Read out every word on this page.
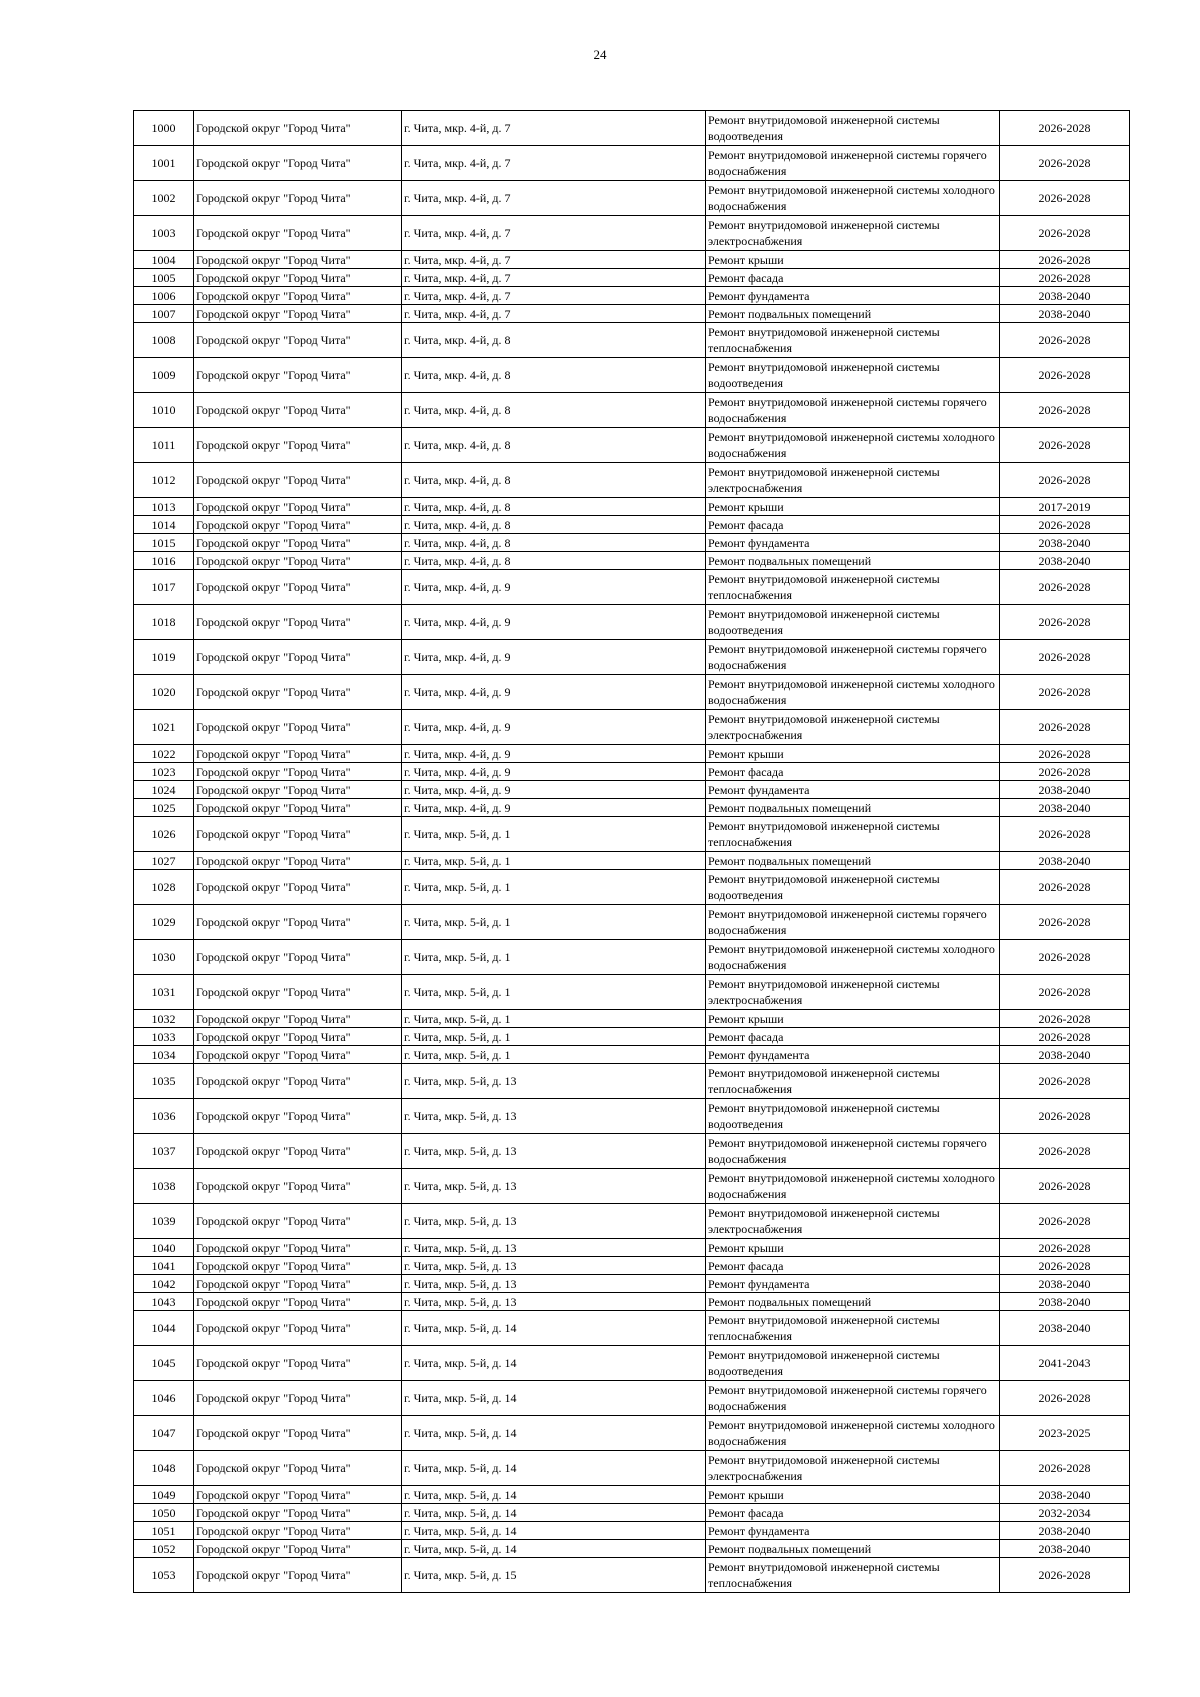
24
1000	Городской округ "Город Чита"	г. Чита, мкр. 4-й, д. 7	Ремонт внутридомовой инженерной системы водоотведения	2026-2028
1001	Городской округ "Город Чита"	г. Чита, мкр. 4-й, д. 7	Ремонт внутридомовой инженерной системы горячего водоснабжения	2026-2028
1002	Городской округ "Город Чита"	г. Чита, мкр. 4-й, д. 7	Ремонт внутридомовой инженерной системы холодного водоснабжения	2026-2028
1003	Городской округ "Город Чита"	г. Чита, мкр. 4-й, д. 7	Ремонт внутридомовой инженерной системы электроснабжения	2026-2028
1004	Городской округ "Город Чита"	г. Чита, мкр. 4-й, д. 7	Ремонт крыши	2026-2028
1005	Городской округ "Город Чита"	г. Чита, мкр. 4-й, д. 7	Ремонт фасада	2026-2028
1006	Городской округ "Город Чита"	г. Чита, мкр. 4-й, д. 7	Ремонт фундамента	2038-2040
1007	Городской округ "Город Чита"	г. Чита, мкр. 4-й, д. 7	Ремонт подвальных помещений	2038-2040
1008	Городской округ "Город Чита"	г. Чита, мкр. 4-й, д. 8	Ремонт внутридомовой инженерной системы теплоснабжения	2026-2028
1009	Городской округ "Город Чита"	г. Чита, мкр. 4-й, д. 8	Ремонт внутридомовой инженерной системы водоотведения	2026-2028
1010	Городской округ "Город Чита"	г. Чита, мкр. 4-й, д. 8	Ремонт внутридомовой инженерной системы горячего водоснабжения	2026-2028
1011	Городской округ "Город Чита"	г. Чита, мкр. 4-й, д. 8	Ремонт внутридомовой инженерной системы холодного водоснабжения	2026-2028
1012	Городской округ "Город Чита"	г. Чита, мкр. 4-й, д. 8	Ремонт внутридомовой инженерной системы электроснабжения	2026-2028
1013	Городской округ "Город Чита"	г. Чита, мкр. 4-й, д. 8	Ремонт крыши	2017-2019
1014	Городской округ "Город Чита"	г. Чита, мкр. 4-й, д. 8	Ремонт фасада	2026-2028
1015	Городской округ "Город Чита"	г. Чита, мкр. 4-й, д. 8	Ремонт фундамента	2038-2040
1016	Городской округ "Город Чита"	г. Чита, мкр. 4-й, д. 8	Ремонт подвальных помещений	2038-2040
1017	Городской округ "Город Чита"	г. Чита, мкр. 4-й, д. 9	Ремонт внутридомовой инженерной системы теплоснабжения	2026-2028
1018	Городской округ "Город Чита"	г. Чита, мкр. 4-й, д. 9	Ремонт внутридомовой инженерной системы водоотведения	2026-2028
1019	Городской округ "Город Чита"	г. Чита, мкр. 4-й, д. 9	Ремонт внутридомовой инженерной системы горячего водоснабжения	2026-2028
1020	Городской округ "Город Чита"	г. Чита, мкр. 4-й, д. 9	Ремонт внутридомовой инженерной системы холодного водоснабжения	2026-2028
1021	Городской округ "Город Чита"	г. Чита, мкр. 4-й, д. 9	Ремонт внутридомовой инженерной системы электроснабжения	2026-2028
1022	Городской округ "Город Чита"	г. Чита, мкр. 4-й, д. 9	Ремонт крыши	2026-2028
1023	Городской округ "Город Чита"	г. Чита, мкр. 4-й, д. 9	Ремонт фасада	2026-2028
1024	Городской округ "Город Чита"	г. Чита, мкр. 4-й, д. 9	Ремонт фундамента	2038-2040
1025	Городской округ "Город Чита"	г. Чита, мкр. 4-й, д. 9	Ремонт подвальных помещений	2038-2040
1026	Городской округ "Город Чита"	г. Чита, мкр. 5-й, д. 1	Ремонт внутридомовой инженерной системы теплоснабжения	2026-2028
1027	Городской округ "Город Чита"	г. Чита, мкр. 5-й, д. 1	Ремонт подвальных помещений	2038-2040
1028	Городской округ "Город Чита"	г. Чита, мкр. 5-й, д. 1	Ремонт внутридомовой инженерной системы водоотведения	2026-2028
1029	Городской округ "Город Чита"	г. Чита, мкр. 5-й, д. 1	Ремонт внутридомовой инженерной системы горячего водоснабжения	2026-2028
1030	Городской округ "Город Чита"	г. Чита, мкр. 5-й, д. 1	Ремонт внутридомовой инженерной системы холодного водоснабжения	2026-2028
1031	Городской округ "Город Чита"	г. Чита, мкр. 5-й, д. 1	Ремонт внутридомовой инженерной системы электроснабжения	2026-2028
1032	Городской округ "Город Чита"	г. Чита, мкр. 5-й, д. 1	Ремонт крыши	2026-2028
1033	Городской округ "Город Чита"	г. Чита, мкр. 5-й, д. 1	Ремонт фасада	2026-2028
1034	Городской округ "Город Чита"	г. Чита, мкр. 5-й, д. 1	Ремонт фундамента	2038-2040
1035	Городской округ "Город Чита"	г. Чита, мкр. 5-й, д. 13	Ремонт внутридомовой инженерной системы теплоснабжения	2026-2028
1036	Городской округ "Город Чита"	г. Чита, мкр. 5-й, д. 13	Ремонт внутридомовой инженерной системы водоотведения	2026-2028
1037	Городской округ "Город Чита"	г. Чита, мкр. 5-й, д. 13	Ремонт внутридомовой инженерной системы горячего водоснабжения	2026-2028
1038	Городской округ "Город Чита"	г. Чита, мкр. 5-й, д. 13	Ремонт внутридомовой инженерной системы холодного водоснабжения	2026-2028
1039	Городской округ "Город Чита"	г. Чита, мкр. 5-й, д. 13	Ремонт внутридомовой инженерной системы электроснабжения	2026-2028
1040	Городской округ "Город Чита"	г. Чита, мкр. 5-й, д. 13	Ремонт крыши	2026-2028
1041	Городской округ "Город Чита"	г. Чита, мкр. 5-й, д. 13	Ремонт фасада	2026-2028
1042	Городской округ "Город Чита"	г. Чита, мкр. 5-й, д. 13	Ремонт фундамента	2038-2040
1043	Городской округ "Город Чита"	г. Чита, мкр. 5-й, д. 13	Ремонт подвальных помещений	2038-2040
1044	Городской округ "Город Чита"	г. Чита, мкр. 5-й, д. 14	Ремонт внутридомовой инженерной системы теплоснабжения	2038-2040
1045	Городской округ "Город Чита"	г. Чита, мкр. 5-й, д. 14	Ремонт внутридомовой инженерной системы водоотведения	2041-2043
1046	Городской округ "Город Чита"	г. Чита, мкр. 5-й, д. 14	Ремонт внутридомовой инженерной системы горячего водоснабжения	2026-2028
1047	Городской округ "Город Чита"	г. Чита, мкр. 5-й, д. 14	Ремонт внутридомовой инженерной системы холодного водоснабжения	2023-2025
1048	Городской округ "Город Чита"	г. Чита, мкр. 5-й, д. 14	Ремонт внутридомовой инженерной системы электроснабжения	2026-2028
1049	Городской округ "Город Чита"	г. Чита, мкр. 5-й, д. 14	Ремонт крыши	2038-2040
1050	Городской округ "Город Чита"	г. Чита, мкр. 5-й, д. 14	Ремонт фасада	2032-2034
1051	Городской округ "Город Чита"	г. Чита, мкр. 5-й, д. 14	Ремонт фундамента	2038-2040
1052	Городской округ "Город Чита"	г. Чита, мкр. 5-й, д. 14	Ремонт подвальных помещений	2038-2040
1053	Городской округ "Город Чита"	г. Чита, мкр. 5-й, д. 15	Ремонт внутридомовой инженерной системы теплоснабжения	2026-2028
